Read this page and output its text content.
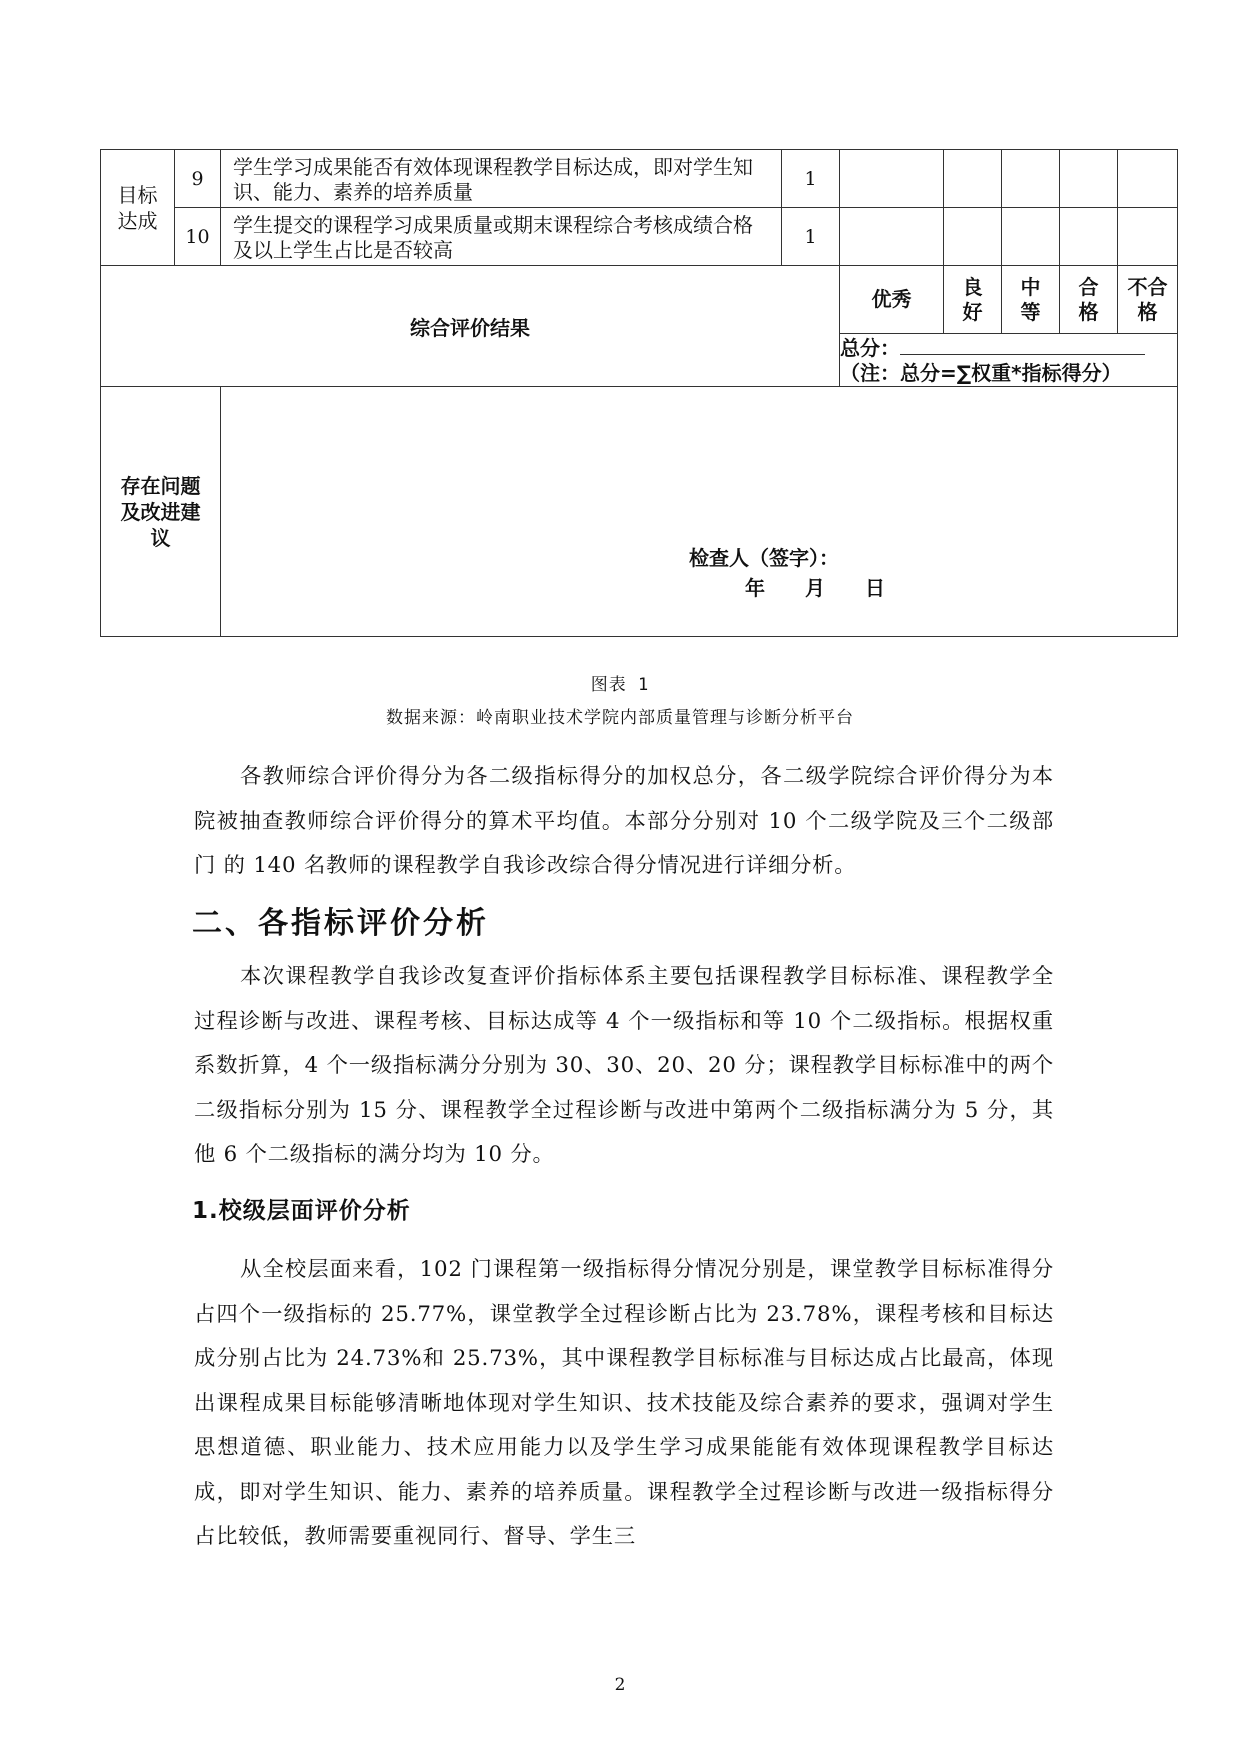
目标达成	9	学生学习成果能否有效体现课程教学目标达成，即对学生知识、能力、素养的培养质量	1					
	10	学生提交的课程学习成果质量或期末课程综合考核成绩合格及以上学生占比是否较高	1					
综合评价结果				优秀	良好	中等	合格	不合格

				总分：
（注：总分=∑权重*指标得分）				

存在问题及改进建议		检查人（签字）：
年 月 日						
图表 1
数据来源：岭南职业技术学院内部质量管理与诊断分析平台
各教师综合评价得分为各二级指标得分的加权总分，各二级学院综合评价得分为本院被抽查教师综合评价得分的算术平均值。本部分分别对 10 个二级学院及三个二级部门 的 140 名教师的课程教学自我诊改综合得分情况进行详细分析。
二、各指标评价分析
本次课程教学自我诊改复查评价指标体系主要包括课程教学目标标准、课程教学全过程诊断与改进、课程考核、目标达成等 4 个一级指标和等 10 个二级指标。根据权重系数折算，4 个一级指标满分分别为 30、30、20、20 分；课程教学目标标准中的两个二级指标分别为 15 分、课程教学全过程诊断与改进中第两个二级指标满分为 5 分，其他 6 个二级指标的满分均为 10 分。
1.校级层面评价分析
从全校层面来看，102 门课程第一级指标得分情况分别是，课堂教学目标标准得分占四个一级指标的 25.77%，课堂教学全过程诊断占比为 23.78%，课程考核和目标达成分别占比为 24.73%和 25.73%，其中课程教学目标标准与目标达成占比最高，体现出课程成果目标能够清晰地体现对学生知识、技术技能及综合素养的要求，强调对学生思想道德、职业能力、技术应用能力以及学生学习成果能能有效体现课程教学目标达成，即对学生知识、能力、素养的培养质量。课程教学全过程诊断与改进一级指标得分占比较低，教师需要重视同行、督导、学生三
2
